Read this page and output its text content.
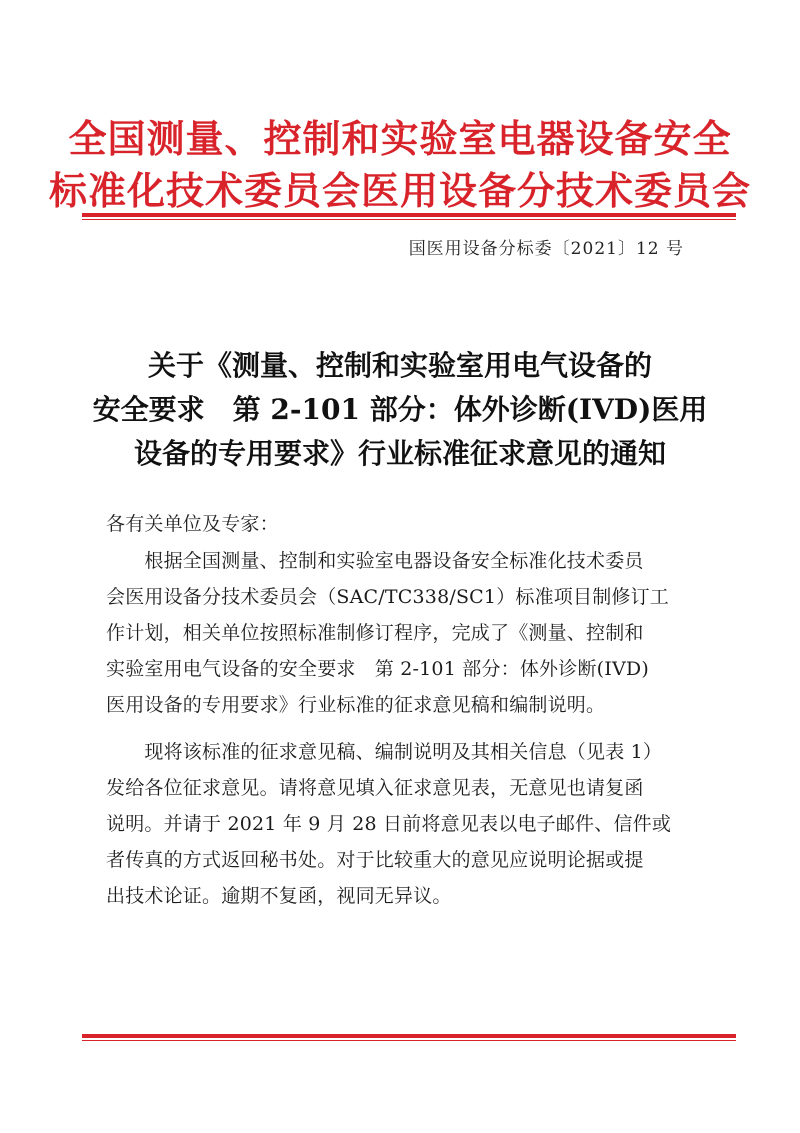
全国测量、控制和实验室电器设备安全
标准化技术委员会医用设备分技术委员会
国医用设备分标委〔2021〕12 号
关于《测量、控制和实验室用电气设备的
安全要求　第 2-101 部分：体外诊断(IVD)医用
设备的专用要求》行业标准征求意见的通知
各有关单位及专家：
　　根据全国测量、控制和实验室电器设备安全标准化技术委员
会医用设备分技术委员会（SAC/TC338/SC1）标准项目制修订工
作计划，相关单位按照标准制修订程序，完成了《测量、控制和
实验室用电气设备的安全要求　第 2-101 部分：体外诊断(IVD)
医用设备的专用要求》行业标准的征求意见稿和编制说明。
　　现将该标准的征求意见稿、编制说明及其相关信息（见表 1）
发给各位征求意见。请将意见填入征求意见表，无意见也请复函
说明。并请于 2021 年 9 月 28 日前将意见表以电子邮件、信件或
者传真的方式返回秘书处。对于比较重大的意见应说明论据或提
出技术论证。逾期不复函，视同无异议。
